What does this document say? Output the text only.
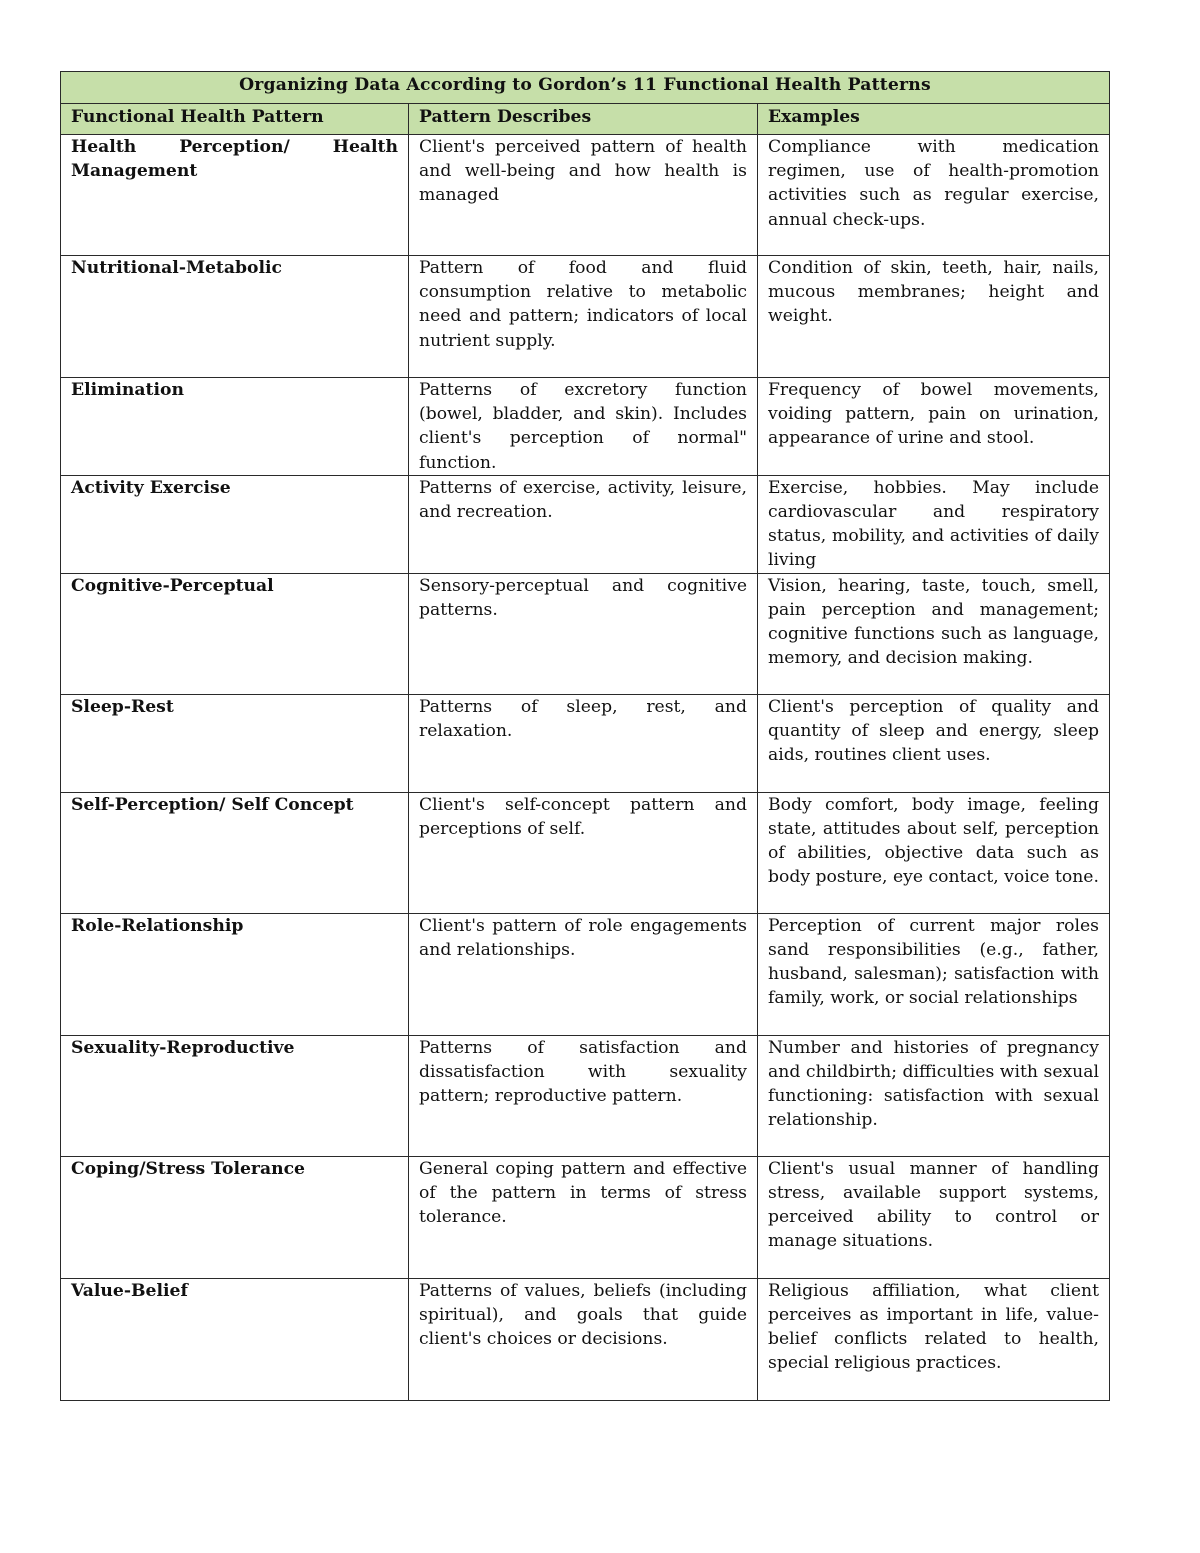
Organizing Data According to Gordon’s 11 Functional Health Patterns		
Functional Health Pattern	Pattern Describes	Examples
Health Perception/ Health Management	Client's perceived pattern of health and well-being and how health is managed	Compliance with medication regimen, use of health-promotion activities such as regular exercise, annual check-ups.
Nutritional-Metabolic	Pattern of food and fluid consumption relative to metabolic need and pattern; indicators of local nutrient supply.	Condition of skin, teeth, hair, nails, mucous membranes; height and weight.
Elimination	Patterns of excretory function (bowel, bladder, and skin). Includes client's perception of normal" function.	Frequency of bowel movements, voiding pattern, pain on urination, appearance of urine and stool.
Activity Exercise	Patterns of exercise, activity, leisure, and recreation.	Exercise, hobbies. May include cardiovascular and respiratory status, mobility, and activities of daily living
Cognitive-Perceptual	Sensory-perceptual and cognitive patterns.	Vision, hearing, taste, touch, smell, pain perception and management; cognitive functions such as language, memory, and decision making.
Sleep-Rest	Patterns of sleep, rest, and relaxation.	Client's perception of quality and quantity of sleep and energy, sleep aids, routines client uses.
Self-Perception/ Self Concept	Client's self-concept pattern and perceptions of self.	Body comfort, body image, feeling state, attitudes about self, perception of abilities, objective data such as body posture, eye contact, voice tone.
Role-Relationship	Client's pattern of role engagements and relationships.	Perception of current major roles sand responsibilities (e.g., father, husband, salesman); satisfaction with family, work, or social relationships
Sexuality-Reproductive	Patterns of satisfaction and dissatisfaction with sexuality pattern; reproductive pattern.	Number and histories of pregnancy and childbirth; difficulties with sexual functioning: satisfaction with sexual relationship.
Coping/Stress Tolerance	General coping pattern and effective of the pattern in terms of stress tolerance.	Client's usual manner of handling stress, available support systems, perceived ability to control or manage situations.
Value-Belief	Patterns of values, beliefs (including spiritual), and goals that guide client's choices or decisions.	Religious affiliation, what client perceives as important in life, value-belief conflicts related to health, special religious practices.
